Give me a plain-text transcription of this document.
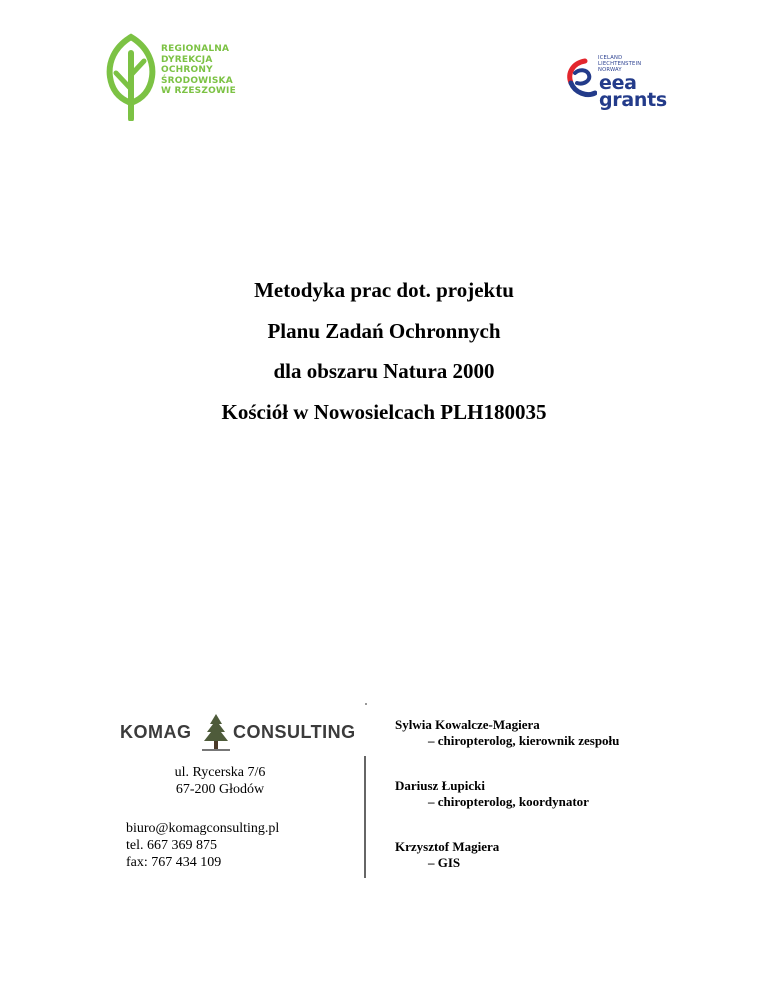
REGIONALNA
DYREKCJA
OCHRONY
ŚRODOWISKA
W RZESZOWIE
ICELAND
LIECHTENSTEIN
NORWAY
eea
grants
Metodyka prac dot. projektu
Planu Zadań Ochronnych
dla obszaru Natura 2000
Kościół w Nowosielcach PLH180035
KOMAG CONSULTING
ul. Rycerska 7/6
67-200 Głodów
biuro@komagconsulting.pl
tel. 667 369 875
fax: 767 434 109
Sylwia Kowalcze-Magiera
– chiropterolog, kierownik zespołu
Dariusz Łupicki
– chiropterolog, koordynator
Krzysztof Magiera
– GIS
